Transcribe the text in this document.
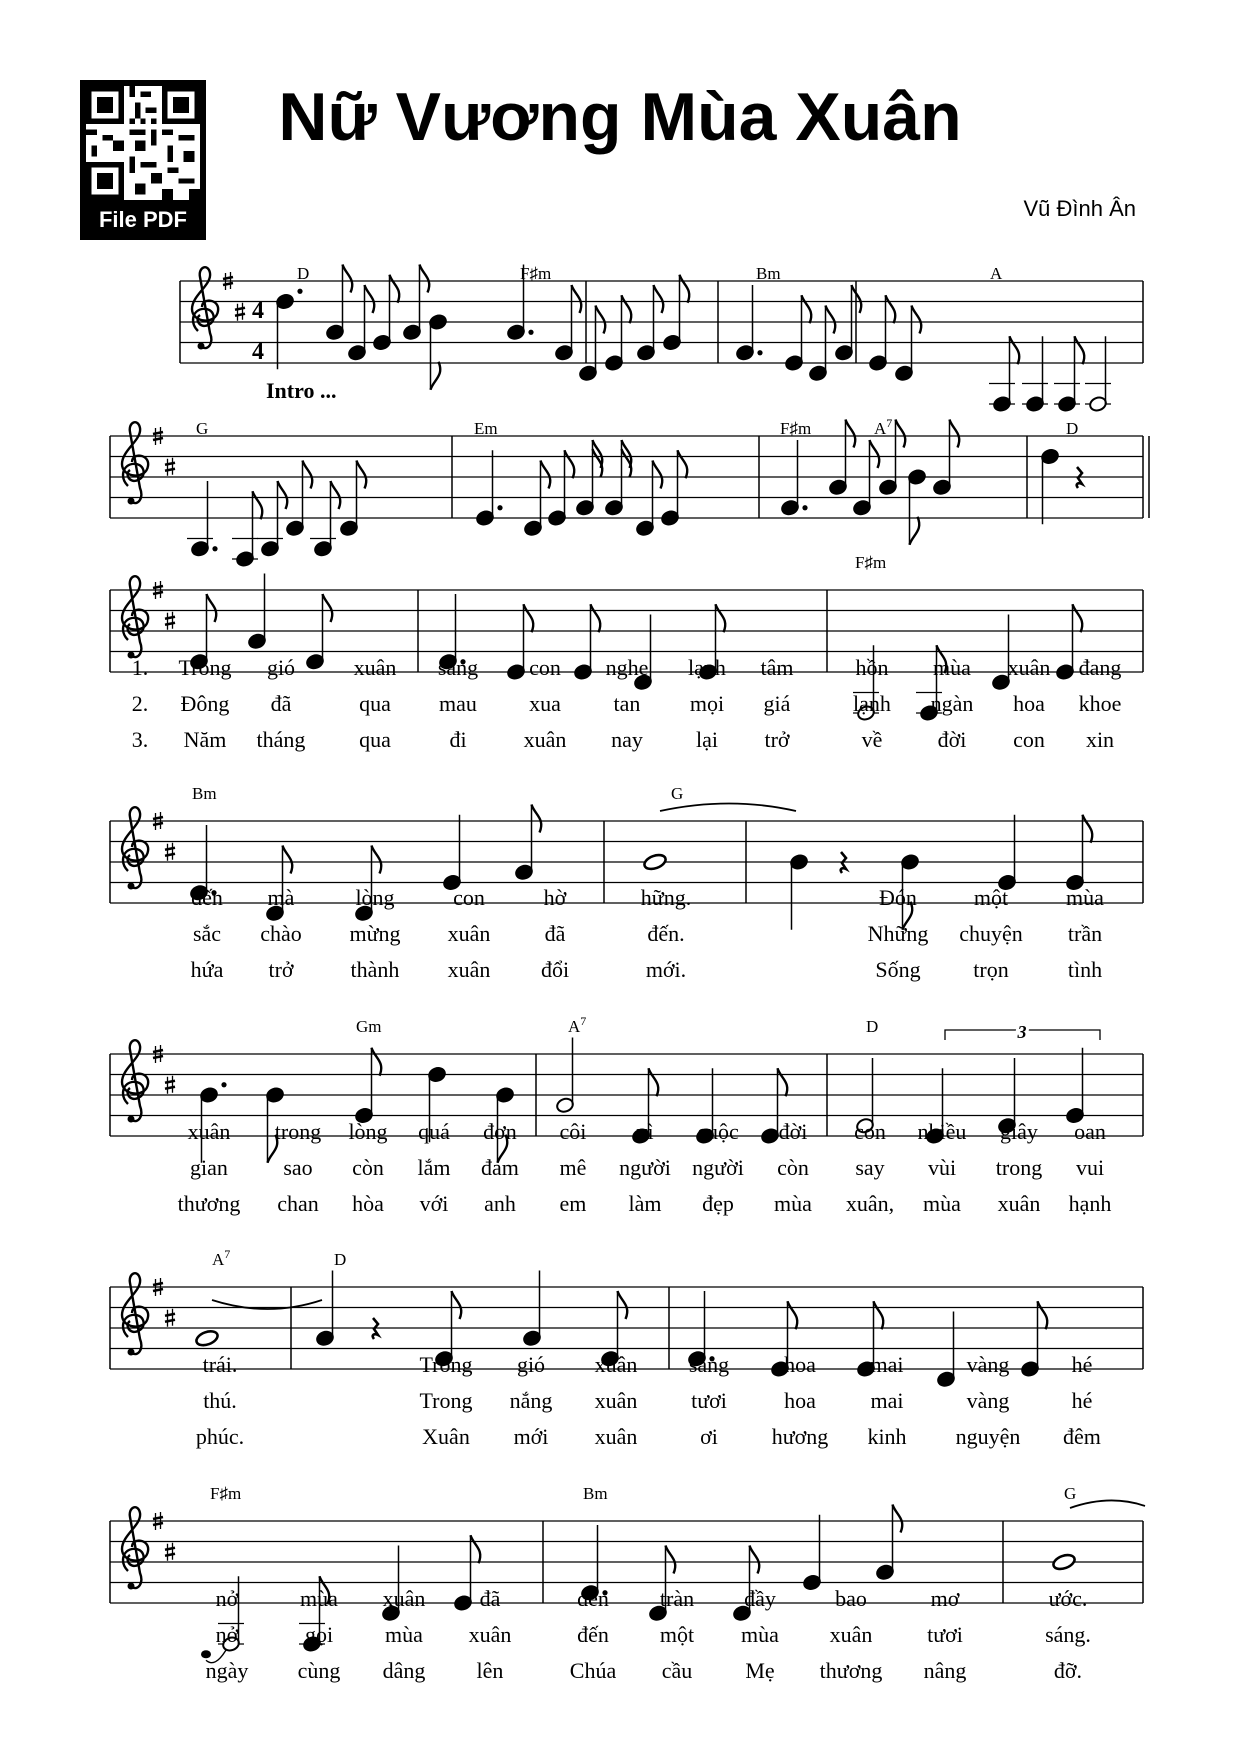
File PDF
Nữ Vương Mùa Xuân
Vũ Đình Ân
4
4
D	F♯m	Bm	A
G	Em	F♯m	$A^7$	D
F♯m
1. Trong gió	xuân sang con nghe lạnh tâm	hồn mùa xuân đang
2. Đông đã	qua mau xua tan mọi giá	lạnh ngàn hoa khoe
3. Năm tháng qua	đi	xuân nay lại trở	về	đời con xin
Bm	G
đến mà	lòng	con	hờ	hững.	Đón	một	mùa
sắc chào mừng xuân đã	đến.	Những chuyện trần
hứa trở	thành xuân đổi	mới.	Sống trọn	tình
Gm	$A^7$	D	3
xuân trong lòng quá đơn côi vì cuộc đời con nhiều giây oan
gian	sao còn lắm đam mê người người còn say vùi trong vui
thương chan hòa với anh em làm đẹp mùa xuân, mùa xuân hạnh
$A^7$	D
trái.	Trong gió xuân sang hoa mai	vàng	hé
thú.	Trong nắng xuân tươi	hoa mai	vàng	hé
phúc.	Xuân mới xuân	ơi hương kinh nguyện đêm
F♯m	Bm	G
nở	mùa xuân đã	đến tràn đầy	bao	mơ	ước.
nở	gọi mùa xuân	đến một mùa xuân tươi	sáng.
ngày cùng dâng lên	Chúa cầu Mẹ thương nâng	đỡ.
Intro ...
